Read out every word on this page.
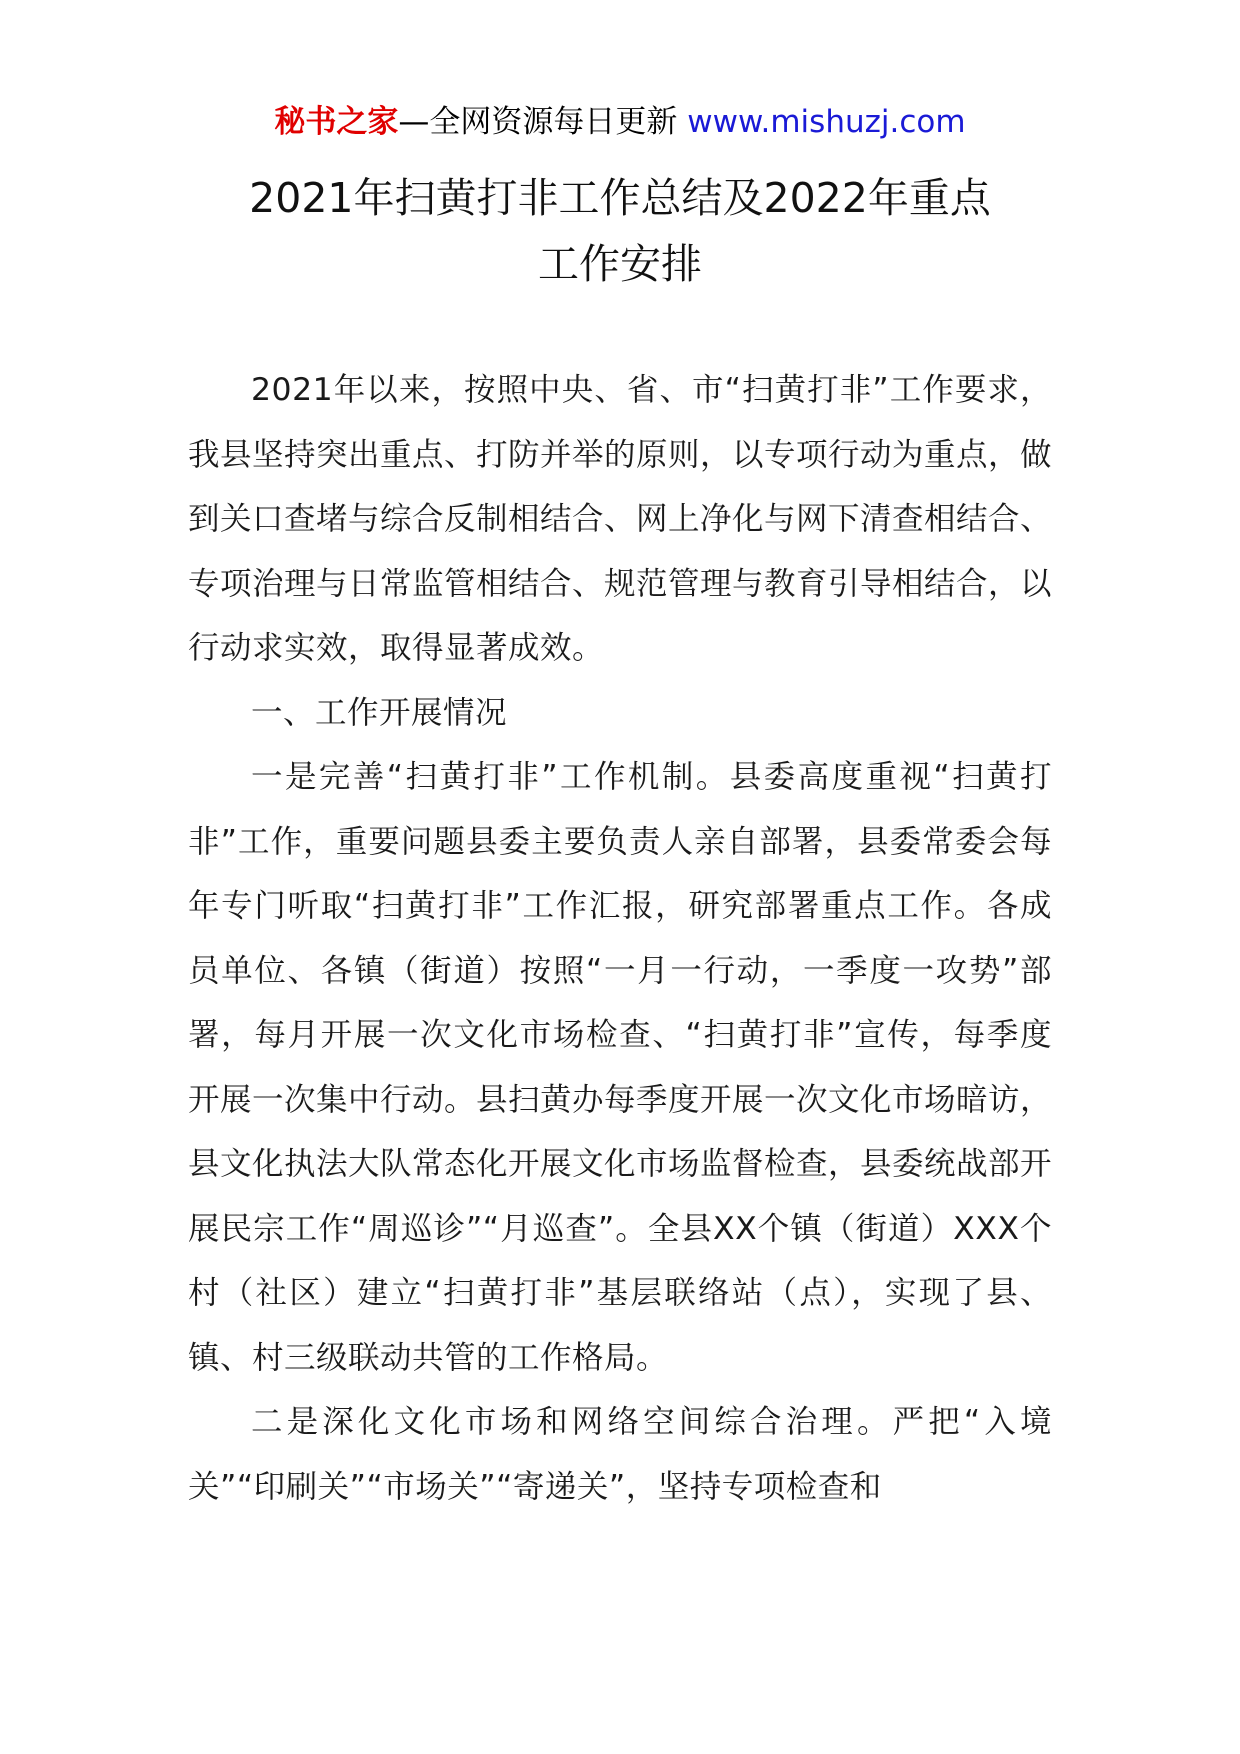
秘书之家—全网资源每日更新 www.mishuzj.com
2021年扫黄打非工作总结及2022年重点
工作安排

2021年以来，按照中央、省、市“扫黄打非”工作要求，我县坚持突出重点、打防并举的原则，以专项行动为重点，做到关口查堵与综合反制相结合、网上净化与网下清查相结合、专项治理与日常监管相结合、规范管理与教育引导相结合，以行动求实效，取得显著成效。

一、工作开展情况

一是完善“扫黄打非”工作机制。县委高度重视“扫黄打非”工作，重要问题县委主要负责人亲自部署，县委常委会每年专门听取“扫黄打非”工作汇报，研究部署重点工作。各成员单位、各镇（街道）按照“一月一行动，一季度一攻势”部署，每月开展一次文化市场检查、“扫黄打非”宣传，每季度开展一次集中行动。县扫黄办每季度开展一次文化市场暗访，县文化执法大队常态化开展文化市场监督检查，县委统战部开展民宗工作“周巡诊”“月巡查”。全县XX个镇（街道）XXX个村（社区）建立“扫黄打非”基层联络站（点），实现了县、镇、村三级联动共管的工作格局。

二是深化文化市场和网络空间综合治理。严把“入境关”“印刷关”“市场关”“寄递关”，坚持专项检查和
